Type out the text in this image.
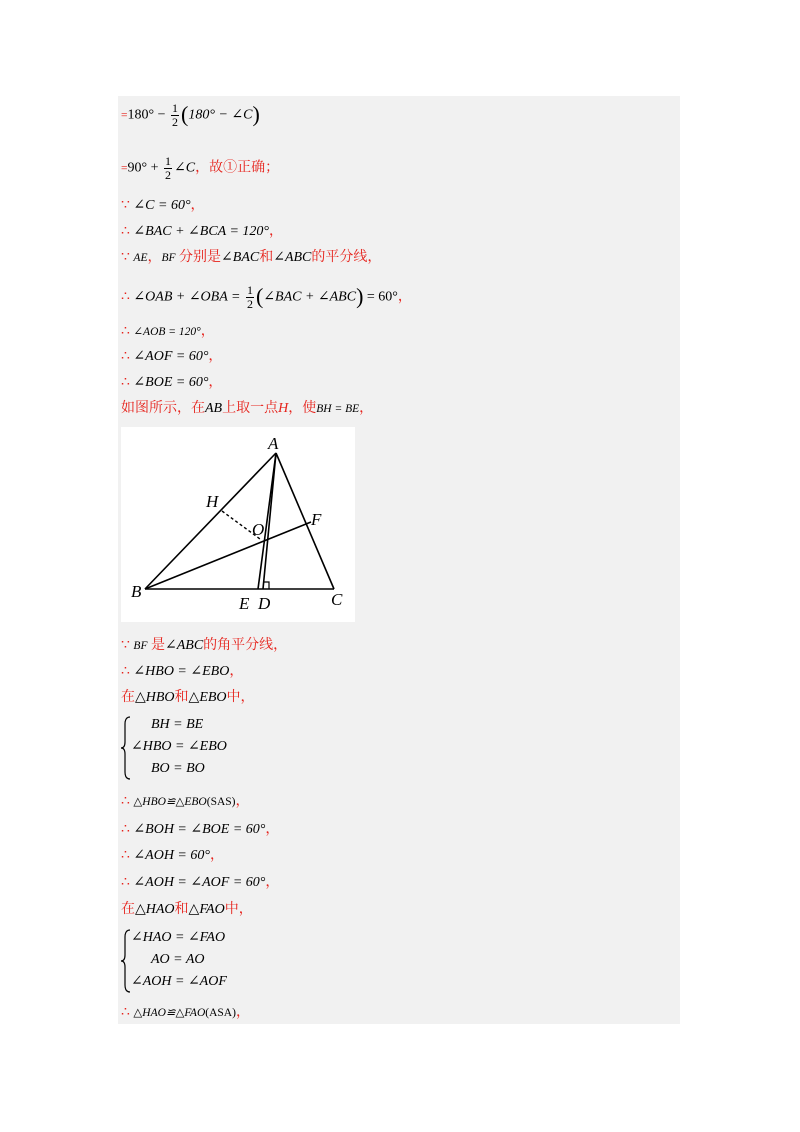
$=180^\circ - \frac{1}{2} (180^\circ$ − ∠C)
$=90^\circ + \frac{1}{2}$ ∠C，故①正确；
∵ ∠C = 60°，
∴ ∠BAC + ∠BCA = 120°，
∵ AE，BF 分别是∠BAC和∠ABC的平分线，
∴ ∠OAB + ∠OBA = $\frac{1}{2}$ (∠BAC + ∠ABC) = 60°，
∴ ∠AOB = 120°，
∴ ∠AOF = 60°，
∴ ∠BOE = 60°，
如图所示，在AB上取一点H，使BH = BE，
A
H
O
F
B
E D	C
∵ BF 是∠ABC的角平分线，
∴ ∠HBO = ∠EBO，
在△HBO和△EBO中，
BH = BE
∠HBO = ∠EBO
BO = BO
∴ △HBO≌△EBO(SAS)，
∴ ∠BOH = ∠BOE = 60°，
∴ ∠AOH = 60°，
∴ ∠AOH = ∠AOF = 60°，
在△HAO和△FAO中，
∠HAO = ∠FAO
AO = AO
∠AOH = ∠AOF
∴ △HAO≌△FAO(ASA)，
